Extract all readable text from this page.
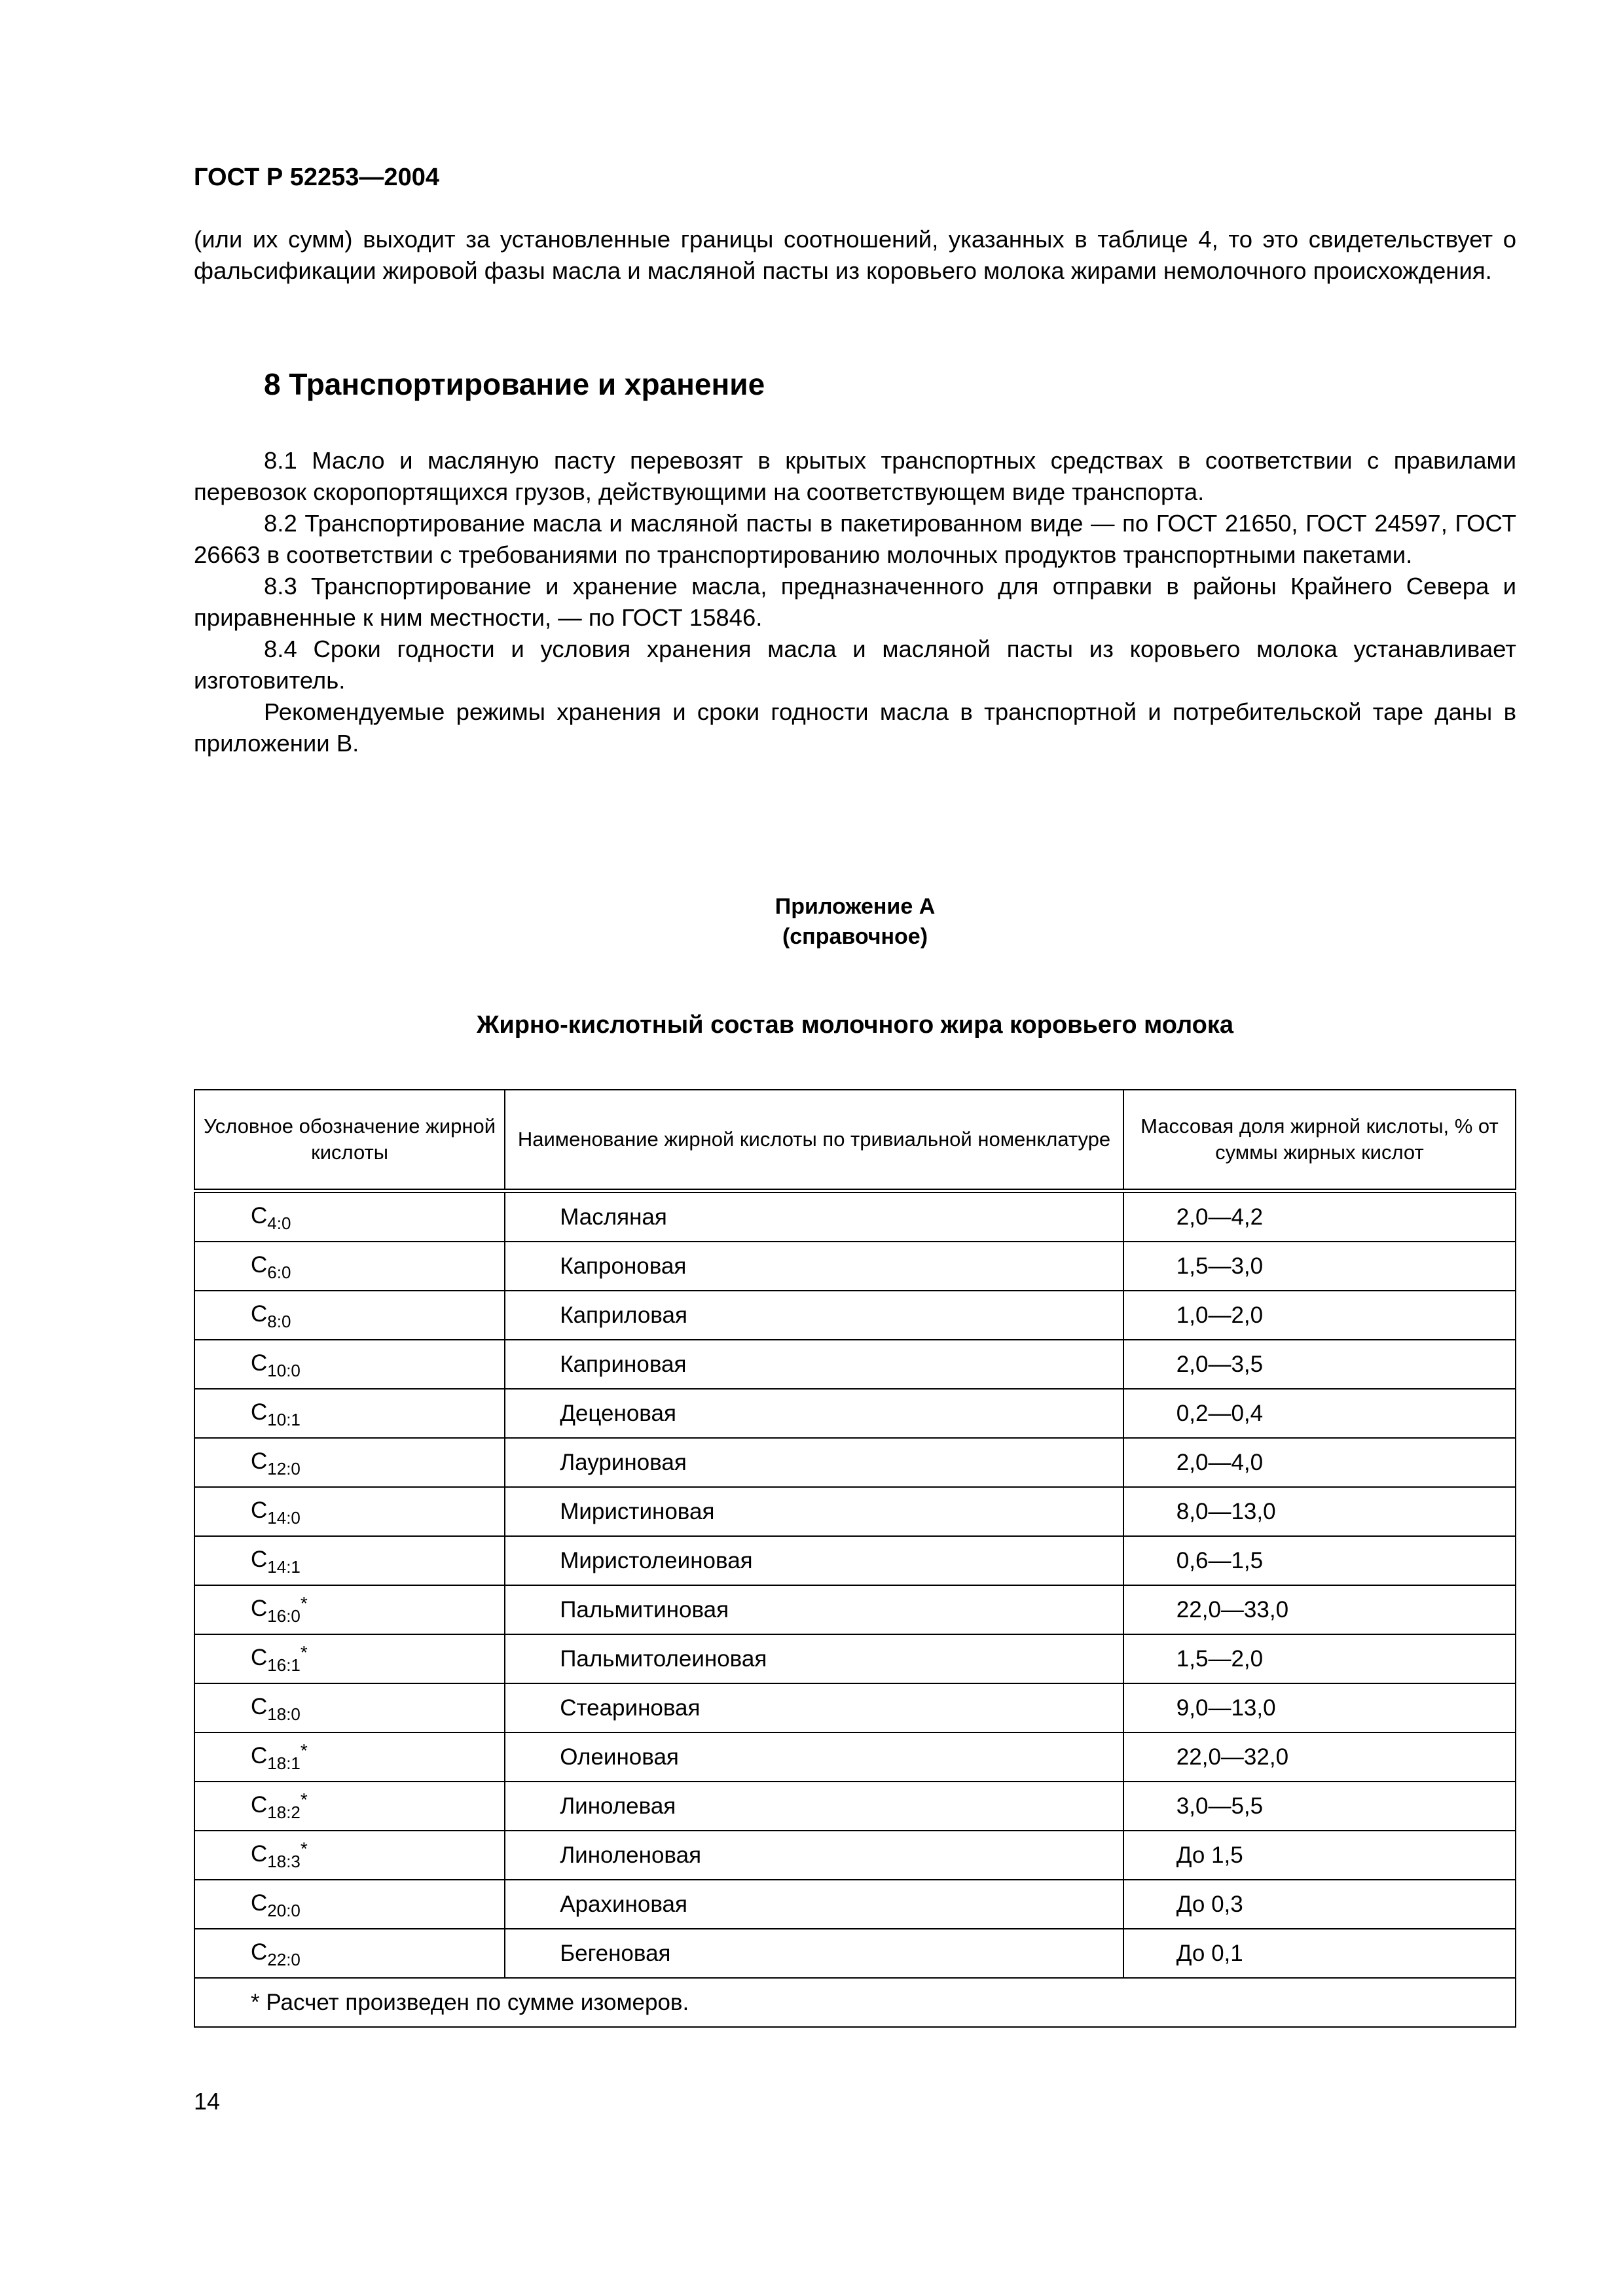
ГОСТ Р 52253—2004

(или их сумм) выходит за установленные границы соотношений, указанных в таблице 4, то это свидетельствует о фальсификации жировой фазы масла и масляной пасты из коровьего молока жирами немолочного происхождения.

8 Транспортирование и хранение

8.1 Масло и масляную пасту перевозят в крытых транспортных средствах в соответствии с правилами перевозок скоропортящихся грузов, действующими на соответствующем виде транспорта.

8.2 Транспортирование масла и масляной пасты в пакетированном виде — по ГОСТ 21650, ГОСТ 24597, ГОСТ 26663 в соответствии с требованиями по транспортированию молочных продуктов транспортными пакетами.

8.3 Транспортирование и хранение масла, предназначенного для отправки в районы Крайнего Севера и приравненные к ним местности, — по ГОСТ 15846.

8.4 Сроки годности и условия хранения масла и масляной пасты из коровьего молока устанавливает изготовитель.

Рекомендуемые режимы хранения и сроки годности масла в транспортной и потребительской таре даны в приложении В.

Приложение А
(справочное)
Жирно-кислотный состав молочного жира коровьего молока
Условное обозначение жирной кислоты	Наименование жирной кислоты по тривиальной номенклатуре	Массовая доля жирной кислоты, % от суммы жирных кислот
$C_{4:0}$	Масляная	2,0—4,2
$C_{6:0}$	Капроновая	1,5—3,0
$C_{8:0}$	Каприловая	1,0—2,0
$C_{10:0}$	Каприновая	2,0—3,5
$C_{10:1}$	Деценовая	0,2—0,4
$C_{12:0}$	Лауриновая	2,0—4,0
$C_{14:0}$	Миристиновая	8,0—13,0
$C_{14:1}$	Миристолеиновая	0,6—1,5
$C_{16:0}^*$	Пальмитиновая	22,0—33,0
$C_{16:1}^*$	Пальмитолеиновая	1,5—2,0
$C_{18:0}$	Стеариновая	9,0—13,0
$C_{18:1}^*$	Олеиновая	22,0—32,0
$C_{18:2}^*$	Линолевая	3,0—5,5
$C_{18:3}^*$	Линоленовая	До 1,5
$C_{20:0}$	Арахиновая	До 0,3
$C_{22:0}$	Бегеновая	До 0,1
* Расчет произведен по сумме изомеров.		
14
